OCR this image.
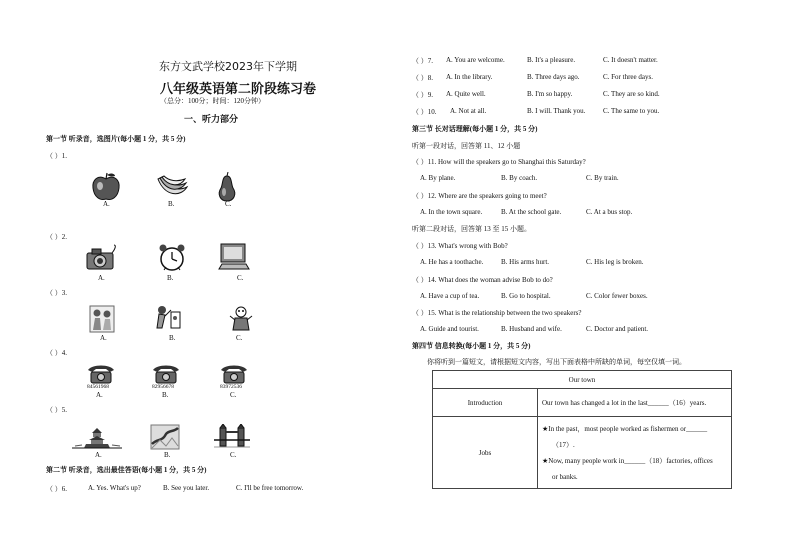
东方文武学校2023年下学期
八年级英语第二阶段练习卷
（总分：100分；时间：120分钟）
一、听力部分
第一节 听录音，选图片(每小题 1 分，共 5 分)
（ ）1.
A.	B.	C.
（ ）2.
A.	B.	C.
（ ）3.
A.	B.	C.
（ ）4.
84561968	82956678	83972536
A.	B.	C.
（ ）5.
A.	B.	C.
第二节 听录音，选出最佳答语(每小题 1 分，共 5 分)
（ ）6.	A. Yes. What's up?	B. See you later.	C. I'll be free tomorrow.
（ ）7. A. You are welcome.	B. It's a pleasure.	C. It doesn't matter.
（ ）8. A. In the library.	B. Three days ago.	C. For three days.
（ ）9. A. Quite well.	B. I'm so happy.	C. They are so kind.
（ ）10. A. Not at all.	B. I will. Thank you.	C. The same to you.
第三节 长对话理解(每小题 1 分，共 5 分)
听第一段对话，回答第 11、12 小题
（ ）11. How will the speakers go to Shanghai this Saturday?
A. By plane.	B. By coach.	C. By train.
（ ）12. Where are the speakers going to meet?
A. In the town square.	B. At the school gate.	C. At a bus stop.
听第二段对话，回答第 13 至 15 小题。
（ ）13. What's wrong with Bob?
A. He has a toothache.	B. His arms hurt.	C. His leg is broken.
（ ）14. What does the woman advise Bob to do?
A. Have a cup of tea.	B. Go to hospital.	C. Color fewer boxes.
（ ）15. What is the relationship between the two speakers?
A. Guide and tourist.	B. Husband and wife.	C. Doctor and patient.
第四节 信息转换(每小题 1 分，共 5 分)
你将听到一篇短文，请根据短文内容，写出下面表格中所缺的单词，每空仅填一词。
Our town	
Introduction	Our town has changed a lot in the last______（16）years.
Jobs	★In the past，most people worked as fishermen or______
（17）.
★Now, many people work in______（18）factories, offices
or banks.
